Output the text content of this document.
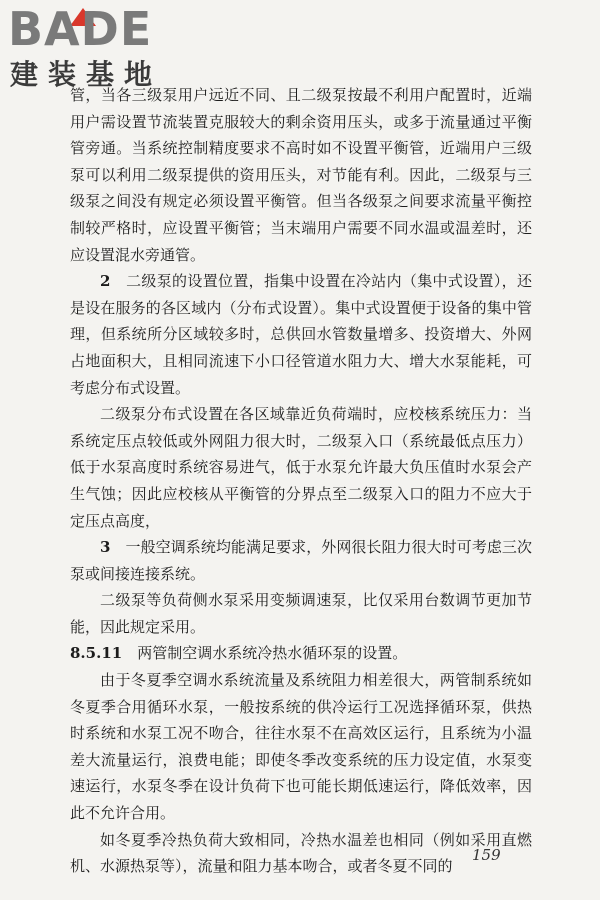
BADE
建装基地

管，当各三级泵用户远近不同、且二级泵按最不利用户配置时，近端用户需设置节流装置克服较大的剩余资用压头，或多于流量通过平衡管旁通。当系统控制精度要求不高时如不设置平衡管，近端用户三级泵可以利用二级泵提供的资用压头，对节能有利。因此，二级泵与三级泵之间没有规定必须设置平衡管。但当各级泵之间要求流量平衡控制较严格时，应设置平衡管；当末端用户需要不同水温或温差时，还应设置混水旁通管。

2　二级泵的设置位置，指集中设置在冷站内（集中式设置），还是设在服务的各区域内（分布式设置）。集中式设置便于设备的集中管理，但系统所分区域较多时，总供回水管数量增多、投资增大、外网占地面积大，且相同流速下小口径管道水阻力大、增大水泵能耗，可考虑分布式设置。

二级泵分布式设置在各区域靠近负荷端时，应校核系统压力：当系统定压点较低或外网阻力很大时，二级泵入口（系统最低点压力）低于水泵高度时系统容易进气，低于水泵允许最大负压值时水泵会产生气蚀；因此应校核从平衡管的分界点至二级泵入口的阻力不应大于定压点高度，

3　一般空调系统均能满足要求，外网很长阻力很大时可考虑三次泵或间接连接系统。

二级泵等负荷侧水泵采用变频调速泵，比仅采用台数调节更加节能，因此规定采用。

8.5.11　两管制空调水系统冷热水循环泵的设置。

由于冬夏季空调水系统流量及系统阻力相差很大，两管制系统如冬夏季合用循环水泵，一般按系统的供冷运行工况选择循环泵，供热时系统和水泵工况不吻合，往往水泵不在高效区运行，且系统为小温差大流量运行，浪费电能；即使冬季改变系统的压力设定值，水泵变速运行，水泵冬季在设计负荷下也可能长期低速运行，降低效率，因此不允许合用。

如冬夏季冷热负荷大致相同，冷热水温差也相同（例如采用直燃机、水源热泵等），流量和阻力基本吻合，或者冬夏不同的

159
